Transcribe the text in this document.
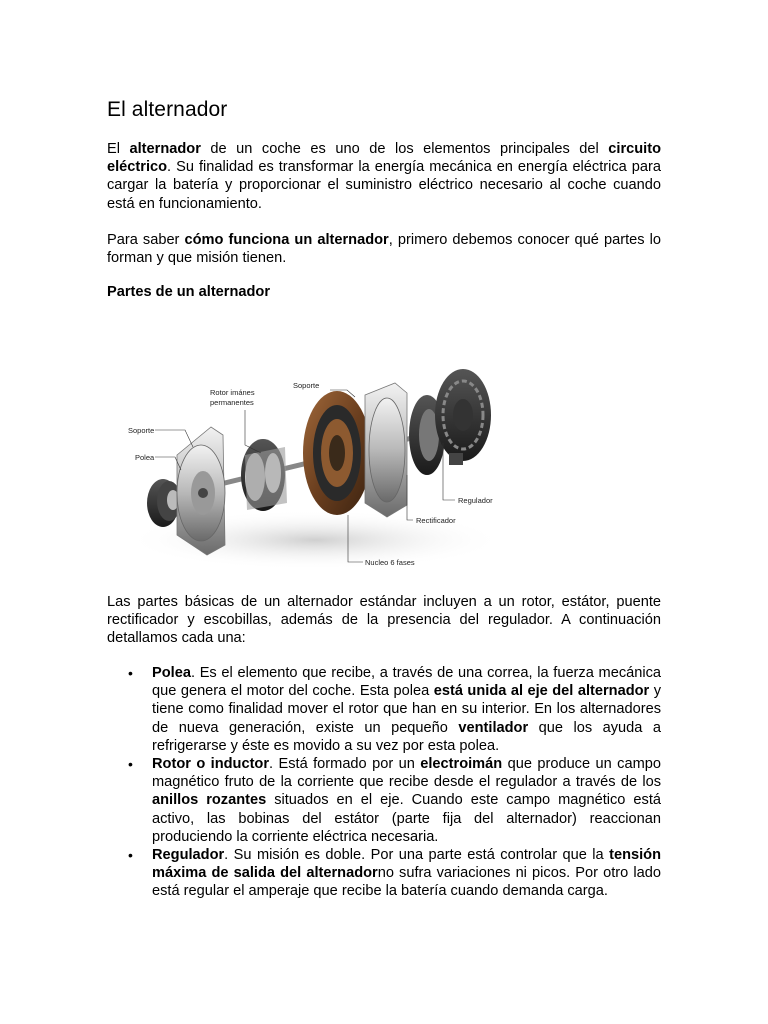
El alternador

El alternador de un coche es uno de los elementos principales del circuito eléctrico. Su finalidad es transformar la energía mecánica en energía eléctrica para cargar la batería y proporcionar el suministro eléctrico necesario al coche cuando está en funcionamiento.

Para saber cómo funciona un alternador, primero debemos conocer qué partes lo forman y que misión tienen.

Partes de un alternador

Rotor imánes
permanentes
Soporte
Soporte
Polea
Regulador
Rectificador
Nucleo 6 fases

Las partes básicas de un alternador estándar incluyen a un rotor, estátor, puente rectificador y escobillas, además de la presencia del regulador. A continuación detallamos cada una:

• Polea. Es el elemento que recibe, a través de una correa, la fuerza mecánica que genera el motor del coche. Esta polea está unida al eje del alternador y tiene como finalidad mover el rotor que han en su interior. En los alternadores de nueva generación, existe un pequeño ventilador que los ayuda a refrigerarse y éste es movido a su vez por esta polea.
• Rotor o inductor. Está formado por un electroimán que produce un campo magnético fruto de la corriente que recibe desde el regulador a través de los anillos rozantes situados en el eje. Cuando este campo magnético está activo, las bobinas del estátor (parte fija del alternador) reaccionan produciendo la corriente eléctrica necesaria.
• Regulador. Su misión es doble. Por una parte está controlar que la tensión máxima de salida del alternadorno sufra variaciones ni picos. Por otro lado está regular el amperaje que recibe la batería cuando demanda carga.
